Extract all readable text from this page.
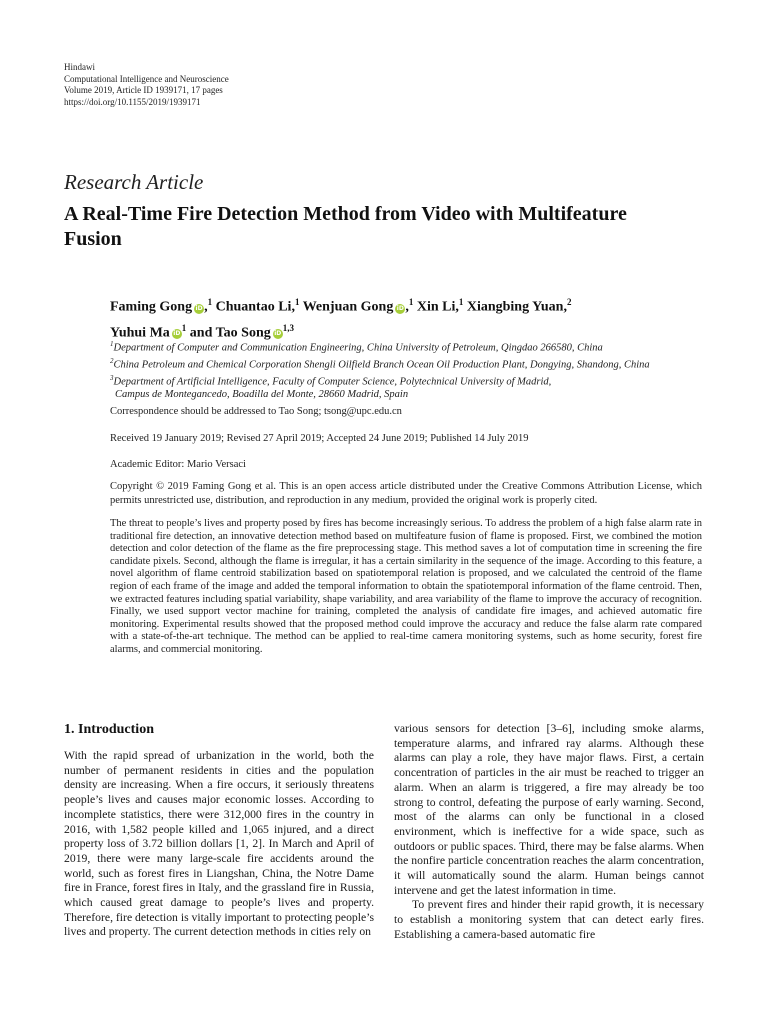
Hindawi
Computational Intelligence and Neuroscience
Volume 2019, Article ID 1939171, 17 pages
https://doi.org/10.1155/2019/1939171
Research Article
A Real-Time Fire Detection Method from Video with Multifeature Fusion
Faming Gong iD,$^1$ Chuantao Li,$^1$ Wenjuan Gong iD,$^1$ Xin Li,$^1$ Xiangbing Yuan,$^2$
Yuhui Ma $iD^1$ and Tao Song iD$^{1,3}$
$^1$Department of Computer and Communication Engineering, China University of Petroleum, Qingdao 266580, China
$^2$China Petroleum and Chemical Corporation Shengli Oilfield Branch Ocean Oil Production Plant, Dongying, Shandong, China
$^3$Department of Artificial Intelligence, Faculty of Computer Science, Polytechnical University of Madrid,
Campus de Montegancedo, Boadilla del Monte, 28660 Madrid, Spain
Correspondence should be addressed to Tao Song; tsong@upc.edu.cn
Received 19 January 2019; Revised 27 April 2019; Accepted 24 June 2019; Published 14 July 2019
Academic Editor: Mario Versaci
Copyright © 2019 Faming Gong et al. This is an open access article distributed under the Creative Commons Attribution License, which permits unrestricted use, distribution, and reproduction in any medium, provided the original work is properly cited.
The threat to people’s lives and property posed by fires has become increasingly serious. To address the problem of a high false alarm rate in traditional fire detection, an innovative detection method based on multifeature fusion of flame is proposed. First, we combined the motion detection and color detection of the flame as the fire preprocessing stage. This method saves a lot of computation time in screening the fire candidate pixels. Second, although the flame is irregular, it has a certain similarity in the sequence of the image. According to this feature, a novel algorithm of flame centroid stabilization based on spatiotemporal relation is proposed, and we calculated the centroid of the flame region of each frame of the image and added the temporal information to obtain the spatiotemporal information of the flame centroid. Then, we extracted features including spatial variability, shape variability, and area variability of the flame to improve the accuracy of recognition. Finally, we used support vector machine for training, completed the analysis of candidate fire images, and achieved automatic fire monitoring. Experimental results showed that the proposed method could improve the accuracy and reduce the false alarm rate compared with a state-of-the-art technique. The method can be applied to real-time camera monitoring systems, such as home security, forest fire alarms, and commercial monitoring.
1. Introduction

With the rapid spread of urbanization in the world, both the number of permanent residents in cities and the population density are increasing. When a fire occurs, it seriously threatens people’s lives and causes major economic losses. According to incomplete statistics, there were 312,000 fires in the country in 2016, with 1,582 people killed and 1,065 injured, and a direct property loss of 3.72 billion dollars [1, 2]. In March and April of 2019, there were many large-scale fire accidents around the world, such as forest fires in Liangshan, China, the Notre Dame fire in France, forest fires in Italy, and the grassland fire in Russia, which caused great damage to people’s lives and property. Therefore, fire detection is vitally important to protecting people’s lives and property. The current detection methods in cities rely on

various sensors for detection [3–6], including smoke alarms, temperature alarms, and infrared ray alarms. Although these alarms can play a role, they have major flaws. First, a certain concentration of particles in the air must be reached to trigger an alarm. When an alarm is triggered, a fire may already be too strong to control, defeating the purpose of early warning. Second, most of the alarms can only be functional in a closed environment, which is ineffective for a wide space, such as outdoors or public spaces. Third, there may be false alarms. When the nonfire particle concentration reaches the alarm concentration, it will automatically sound the alarm. Human beings cannot intervene and get the latest information in time.

To prevent fires and hinder their rapid growth, it is necessary to establish a monitoring system that can detect early fires. Establishing a camera-based automatic fire
